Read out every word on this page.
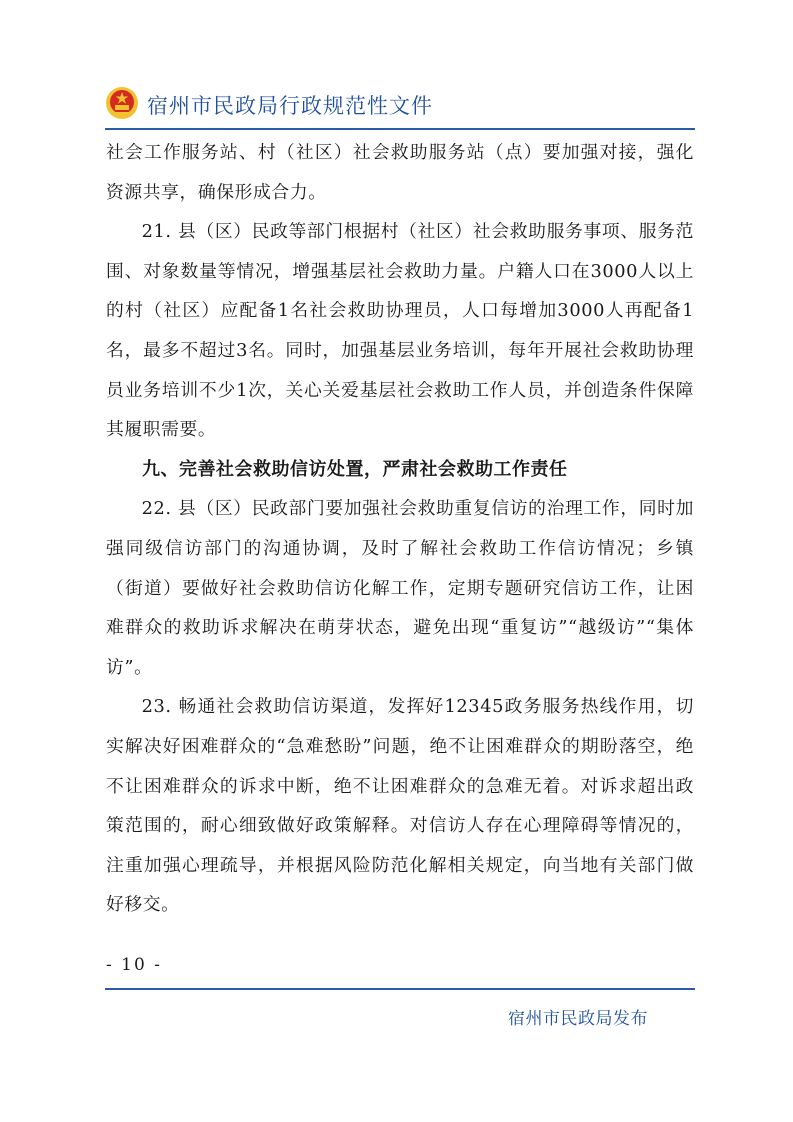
宿州市民政局行政规范性文件

社会工作服务站、村（社区）社会救助服务站（点）要加强对接，强化资源共享，确保形成合力。

21. 县（区）民政等部门根据村（社区）社会救助服务事项、服务范围、对象数量等情况，增强基层社会救助力量。户籍人口在3000人以上的村（社区）应配备1名社会救助协理员，人口每增加3000人再配备1名，最多不超过3名。同时，加强基层业务培训，每年开展社会救助协理员业务培训不少1次，关心关爱基层社会救助工作人员，并创造条件保障其履职需要。

九、完善社会救助信访处置，严肃社会救助工作责任

22. 县（区）民政部门要加强社会救助重复信访的治理工作，同时加强同级信访部门的沟通协调，及时了解社会救助工作信访情况；乡镇（街道）要做好社会救助信访化解工作，定期专题研究信访工作，让困难群众的救助诉求解决在萌芽状态，避免出现“重复访”“越级访”“集体访”。

23. 畅通社会救助信访渠道，发挥好12345政务服务热线作用，切实解决好困难群众的“急难愁盼”问题，绝不让困难群众的期盼落空，绝不让困难群众的诉求中断，绝不让困难群众的急难无着。对诉求超出政策范围的，耐心细致做好政策解释。对信访人存在心理障碍等情况的，注重加强心理疏导，并根据风险防范化解相关规定，向当地有关部门做好移交。

- 10 -
宿州市民政局发布
